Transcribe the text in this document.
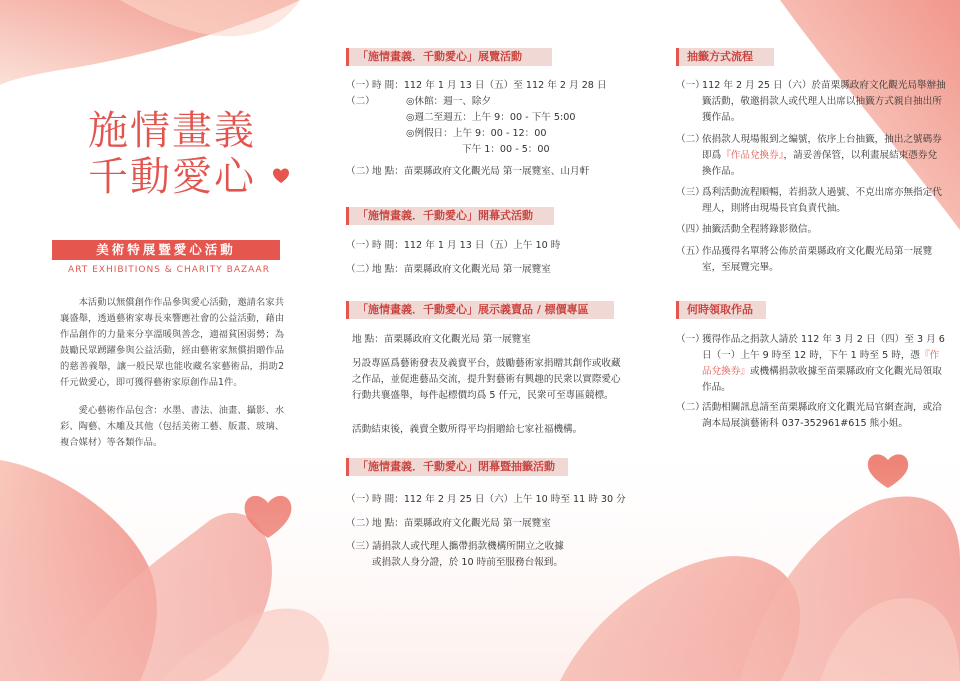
施情畫義
千動愛心
美術特展暨愛心活動
ART EXHIBITIONS & CHARITY BAZAAR

本活動以無償創作作品參與愛心活動，邀請名家共襄盛舉，透過藝術家專長來響應社會的公益活動，藉由作品創作的力量來分享溫暖與善念，適福貧困弱勢；為鼓勵民眾踴躍參與公益活動，經由藝術家無償捐贈作品的慈善義舉，讓一般民眾也能收藏名家藝術品，捐助2仟元做愛心，即可獲得藝術家原創作品1件。

愛心藝術作品包含：水墨、書法、油畫、攝影、水彩、陶藝、木雕及其他（包括美術工藝、版畫、玻璃、複合媒材）等各類作品。

「施情畫義．千動愛心」展覽活動
（一）時 間：112 年 1 月 13 日（五）至 112 年 2 月 28 日（二）	◎休館：週一、除夕
◎週二至週五：上午 9：00 - 下午 5:00
◎例假日：上午 9：00 - 12：00
下午 1：00 - 5：00
（二）地 點：苗栗縣政府文化觀光局 第一展覽室、山月軒
「施情畫義．千動愛心」開幕式活動
（一）時 間：112 年 1 月 13 日（五）上午 10 時
（二）地 點：苗栗縣政府文化觀光局 第一展覽室
「施情畫義．千動愛心」展示義賣品 / 標價專區
地 點：苗栗縣政府文化觀光局 第一展覽室
另設專區爲藝術發表及義賣平台，鼓勵藝術家捐贈其創作或收藏之作品，並促進藝品交流，提升對藝術有興趣的民衆以實際愛心行動共襄盛舉，每件起標價均爲 5 仟元，民衆可至專區競標。
活動結束後，義賣全數所得平均捐贈給七家社福機構。
「施情畫義．千動愛心」閉幕暨抽籤活動
（一）時 間：112 年 2 月 25 日（六）上午 10 時至 11 時 30 分
（二）地 點：苗栗縣政府文化觀光局 第一展覽室
（三）請捐款人或代理人攜帶捐款機構所開立之收據
或捐款人身分證，於 10 時前至服務台報到。
抽籤方式流程
（一）
112 年 2 月 25 日（六）於苗栗縣政府文化觀光局舉辦抽籤活動，敬邀捐款人或代理人出席以抽籤方式親自抽出所獲作品。
（二）
依捐款人現場報到之編號，依序上台抽籤，抽出之號碼券即爲『作品兌換券』，請妥善保管，以利畫展結束憑券兌換作品。
（三）
爲利活動流程順暢，若捐款人過號、不克出席亦無指定代理人，則將由現場長官負責代抽。
（四）
抽籤活動全程將錄影徵信。
（五）
作品獲得名單將公佈於苗栗縣政府文化觀光局第一展覽室，至展覽完畢。
何時領取作品
（一）
獲得作品之捐款人請於 112 年 3 月 2 日（四）至 3 月 6 日（一）上午 9 時至 12 時，下午 1 時至 5 時，憑『作品兌換券』或機構捐款收據至苗栗縣政府文化觀光局領取作品。
（二）
活動相關訊息請至苗栗縣政府文化觀光局官網查詢，或洽詢本局展演藝術科 037-352961#615 熊小姐。
